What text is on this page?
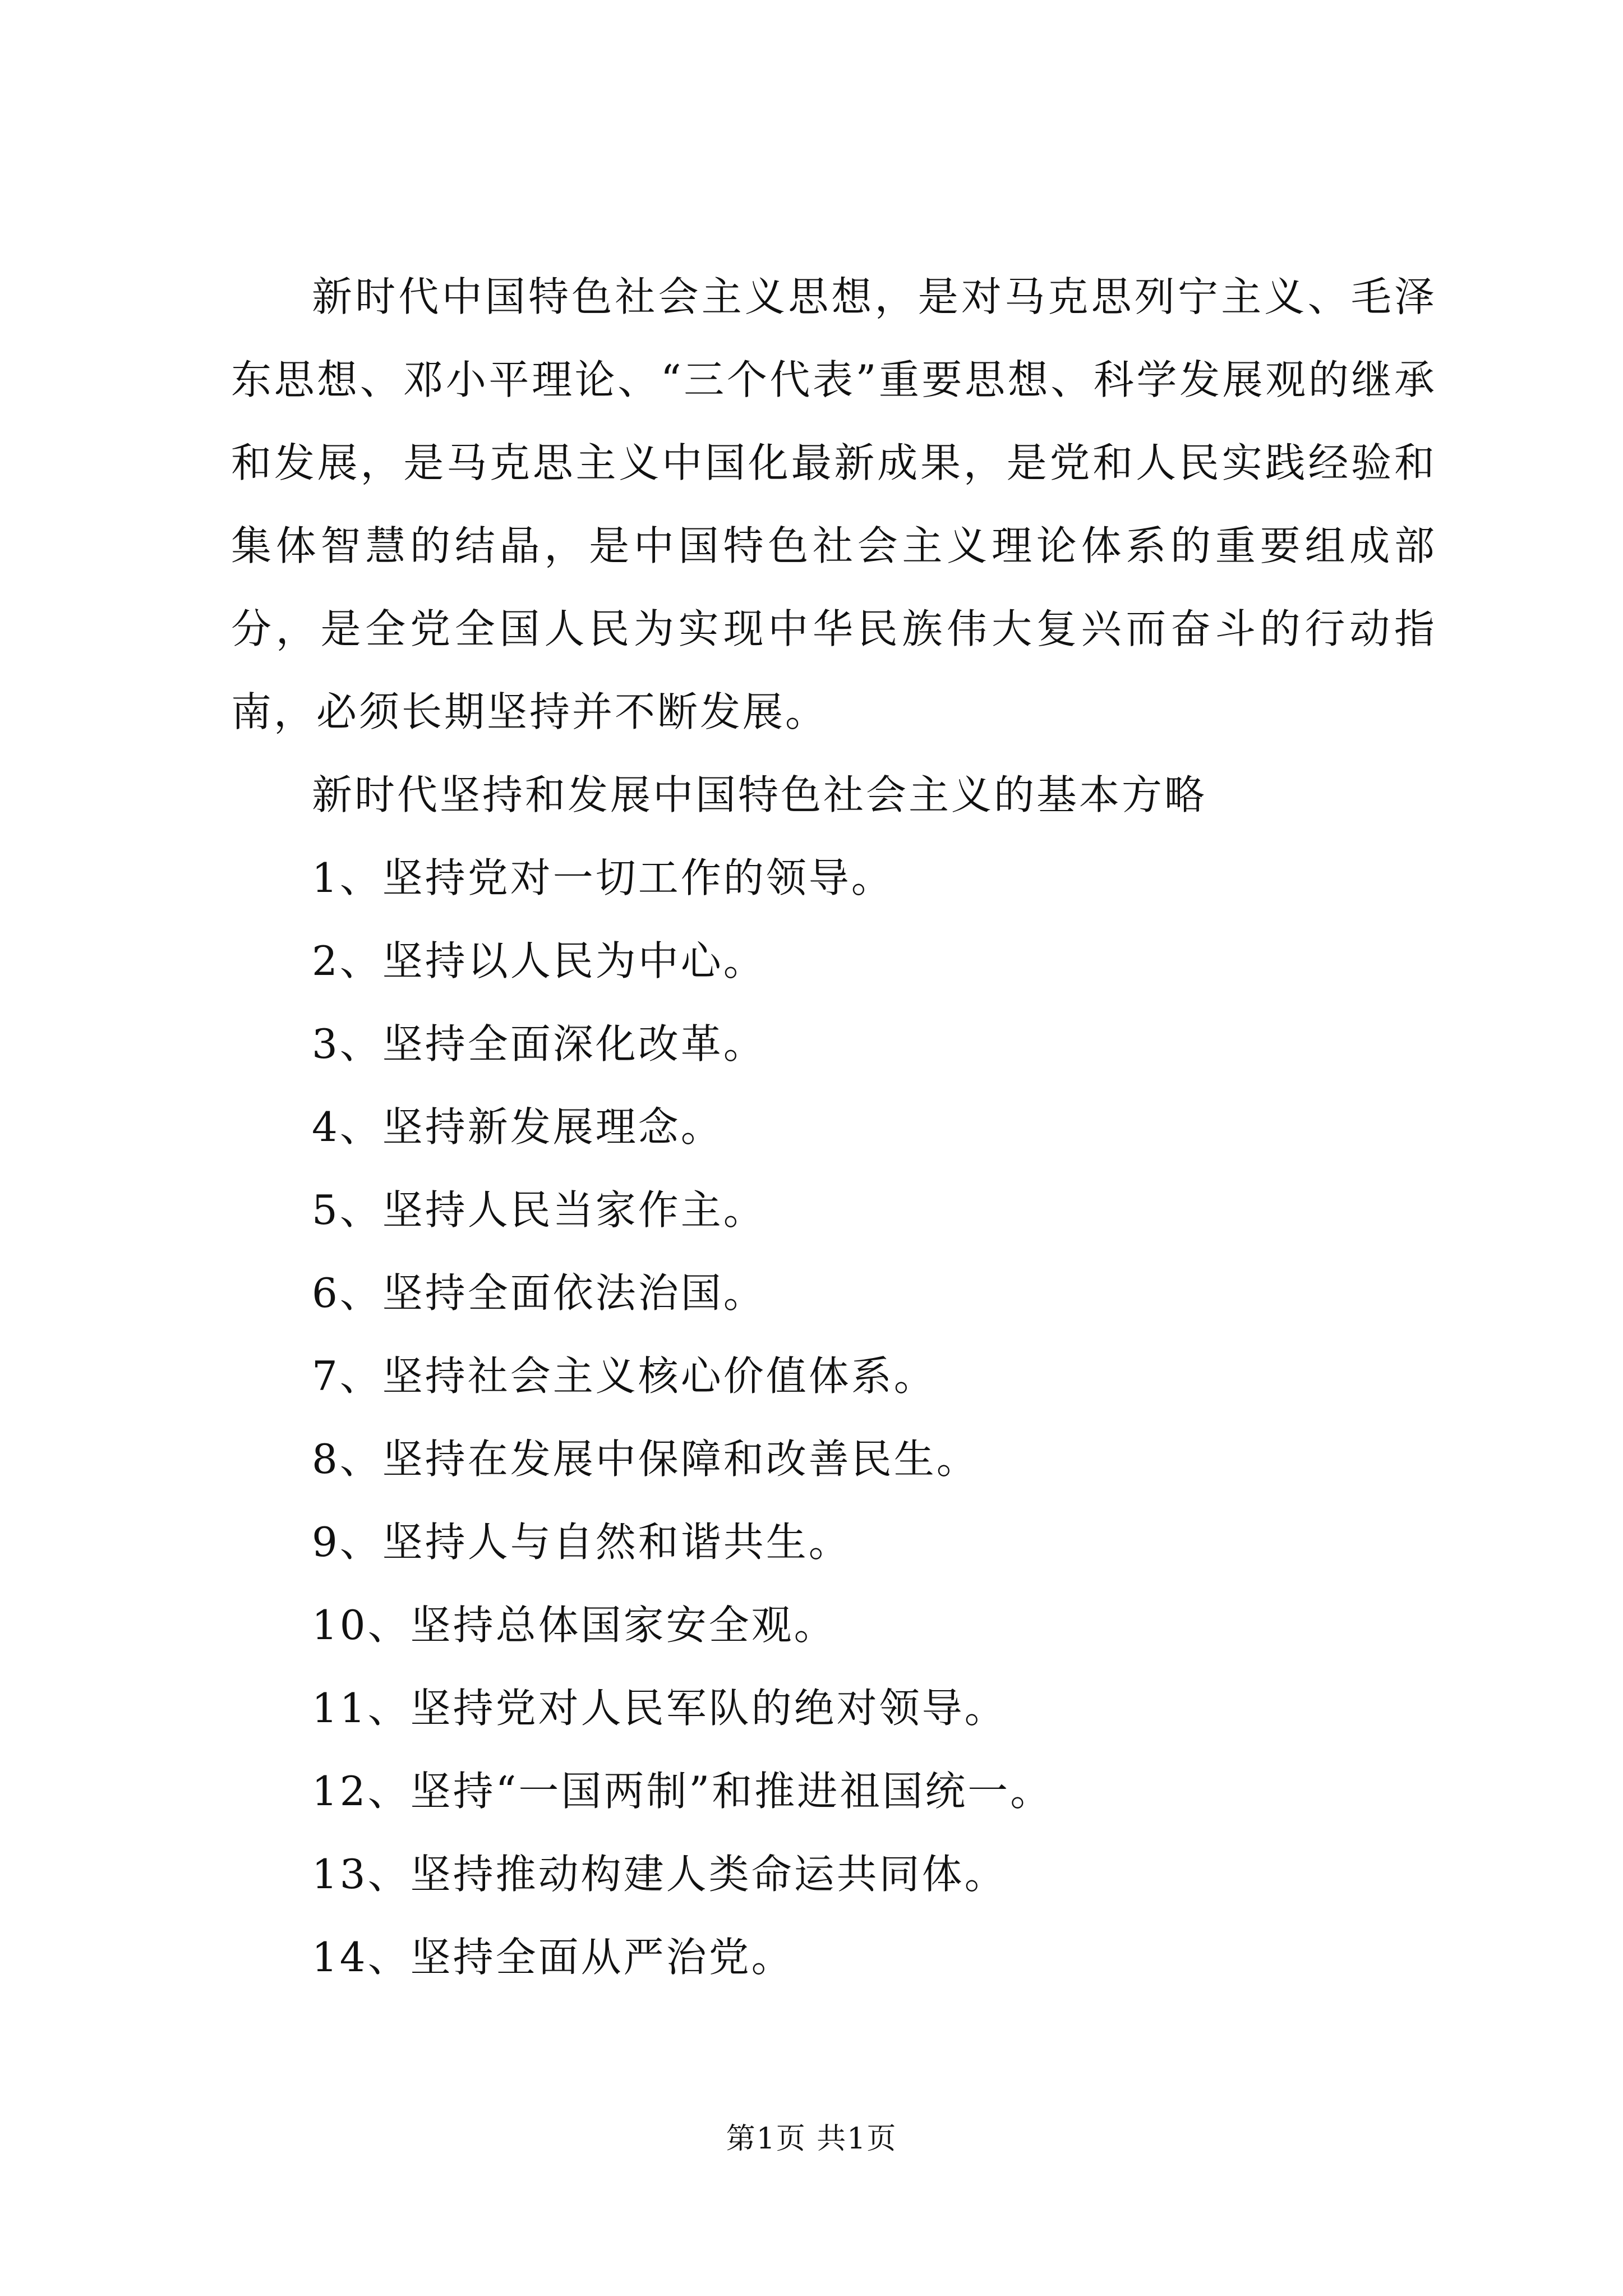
新时代中国特色社会主义思想，是对马克思列宁主义、毛泽东思想、邓小平理论、“三个代表”重要思想、科学发展观的继承和发展，是马克思主义中国化最新成果，是党和人民实践经验和集体智慧的结晶，是中国特色社会主义理论体系的重要组成部分，是全党全国人民为实现中华民族伟大复兴而奋斗的行动指南，必须长期坚持并不断发展。

新时代坚持和发展中国特色社会主义的基本方略

1、坚持党对一切工作的领导。

2、坚持以人民为中心。

3、坚持全面深化改革。

4、坚持新发展理念。

5、坚持人民当家作主。

6、坚持全面依法治国。

7、坚持社会主义核心价值体系。

8、坚持在发展中保障和改善民生。

9、坚持人与自然和谐共生。

10、坚持总体国家安全观。

11、坚持党对人民军队的绝对领导。

12、坚持“一国两制”和推进祖国统一。

13、坚持推动构建人类命运共同体。

14、坚持全面从严治党。

第1页 共1页
